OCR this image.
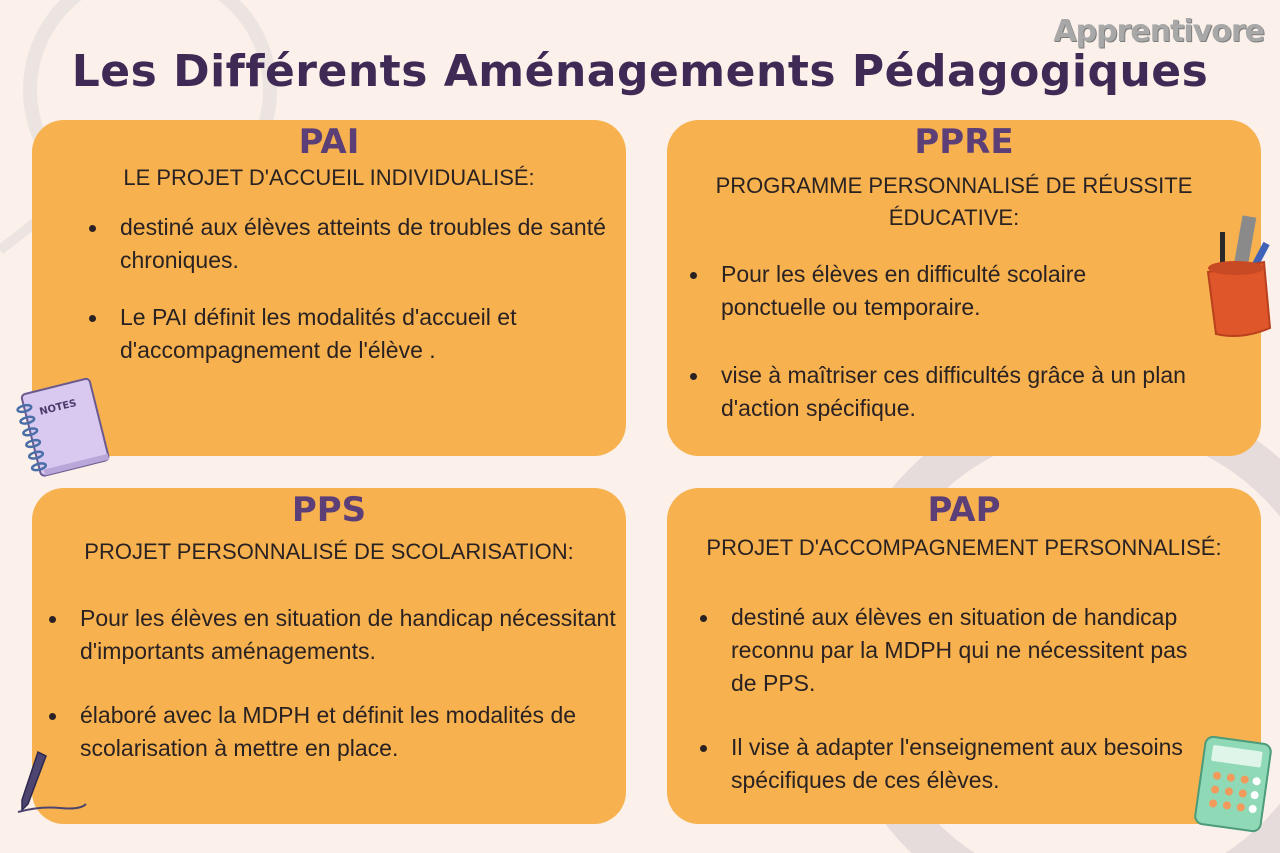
Apprentivore
Les Différents Aménagements Pédagogiques
PAI
LE PROJET D'ACCUEIL INDIVIDUALISÉ:
destiné aux élèves atteints de troubles de santé chroniques.
Le PAI définit les modalités d'accueil et d'accompagnement de l'élève .
PPRE
PROGRAMME PERSONNALISÉ DE RÉUSSITE ÉDUCATIVE:
Pour les élèves en difficulté scolaire ponctuelle ou temporaire.
vise à maîtriser ces difficultés grâce à un plan d'action spécifique.
PPS
PROJET PERSONNALISÉ DE SCOLARISATION:
Pour les élèves en situation de handicap nécessitant d'importants aménagements.
élaboré avec la MDPH et définit les modalités de scolarisation à mettre en place.
PAP
PROJET D'ACCOMPAGNEMENT PERSONNALISÉ:
destiné aux élèves en situation de handicap reconnu par la MDPH qui ne nécessitent pas de PPS.
Il vise à adapter l'enseignement aux besoins spécifiques de ces élèves.
NOTES
